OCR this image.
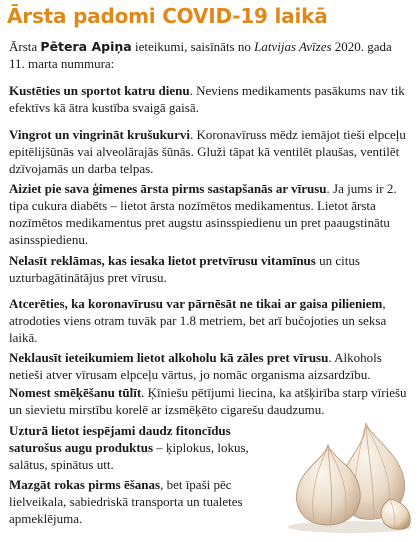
Ārsta padomi COVID-19 laikā

Ārsta Pētera Apiņa ieteikumi, saisīnāts no Latvijas Avīzes 2020. gada 11. marta nummura:

Kustēties un sportot katru dienu. Neviens medikaments pasākums nav tik efektīvs kā ātra kustība svaigā gaisā.

Vingrot un vingrināt krušukurvi. Koronavīruss mēdz iemājot tieši elpceļu epitēlijšūnās vai alveolārajās šūnās. Gluži tāpat kā ventilēt plaušas, ventilēt dzīvojamās un darba telpas.

Aiziet pie sava ģimenes ārsta pirms sastapšanās ar vīrusu. Ja jums ir 2. tipa cukura diabēts – lietot ārsta nozīmētos medikamentus. Lietot ārsta nozīmētos medikamentus pret augstu asinsspiedienu un pret paaugstinātu asinsspiedienu.

Nelasīt reklāmas, kas iesaka lietot pretvīrusu vitamīnus un citus uzturbagātinātājus pret vīrusu.

Atcerēties, ka koronavīrusu var pārnēsāt ne tikai ar gaisa pilieniem, atrodoties viens otram tuvāk par 1.8 metriem, bet arī bučojoties un seksa laikā.

Neklausīt ieteikumiem lietot alkoholu kā zāles pret vīrusu. Alkohols netieši atver vīrusam elpceļu vārtus, jo nomāc organisma aizsardzību.

Nomest smēķēšanu tūlīt. Ķīniešu pētījumi liecina, ka atšķirība starp vīriešu un sievietu mirstību korelē ar izsmēķēto cigarešu daudzumu.

Uzturā lietot iespējami daudz fitoncīdus saturošus augu produktus – ķiplokus, lokus, salātus, spinātus utt.

Mazgāt rokas pirms ēšanas, bet īpaši pēc lielveikala, sabiedriskā transporta un tualetes apmeklējuma.
